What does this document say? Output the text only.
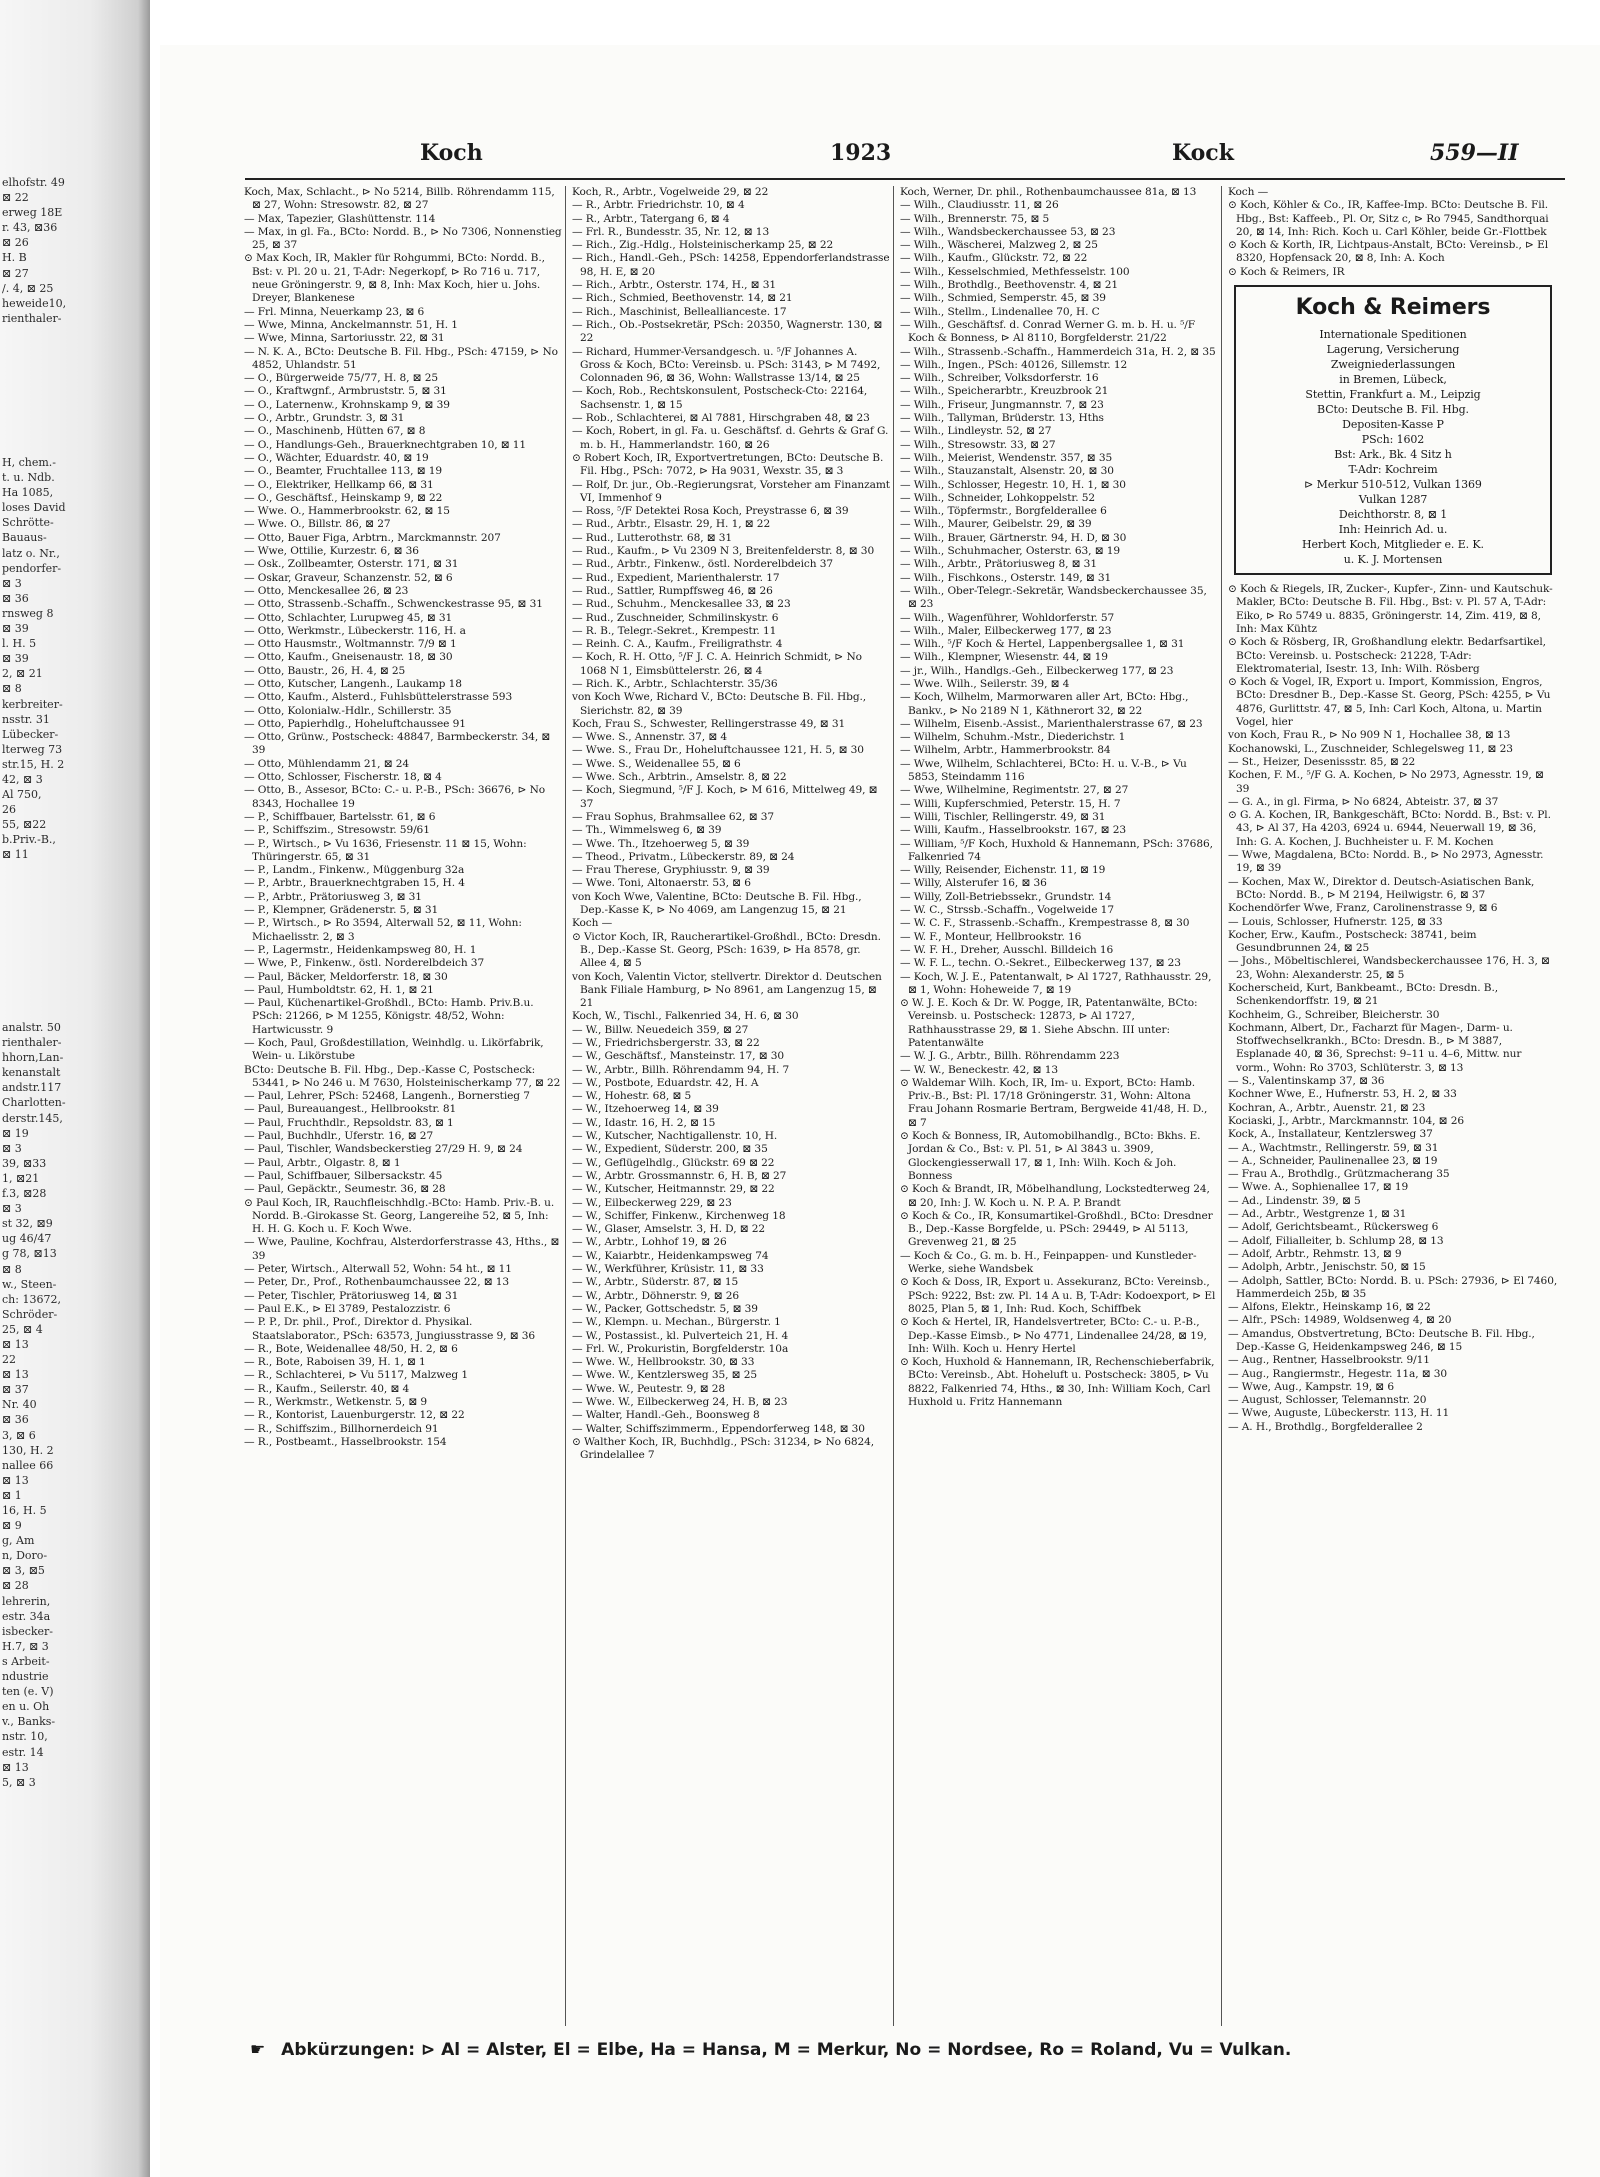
elhofstr. 49
⊠ 22
erweg 18E
r. 43, ⊠36
⊠ 26
H. B
⊠ 27
/. 4, ⊠ 25
heweide10,
rienthaler-
H, chem.-
t. u. Ndb.
Ha 1085,
loses David
Schrötte-
Bauaus-
latz o. Nr.,
pendorfer-
⊠ 3
⊠ 36
rnsweg 8
⊠ 39
l. H. 5
⊠ 39
2, ⊠ 21
⊠ 8
kerbreiter-
nsstr. 31
Lübecker-
lterweg 73
str.15, H. 2
42, ⊠ 3
Al 750,
26
55, ⊠22
b.Priv.-B.,
⊠ 11
analstr. 50
rienthaler-
hhorn,Lan-
kenanstalt
andstr.117
Charlotten-
derstr.145,
⊠ 19
⊠ 3
39, ⊠33
1, ⊠21
f.3, ⊠28
⊠ 3
st 32, ⊠9
ug 46/47
g 78, ⊠13
⊠ 8
w., Steen-
ch: 13672,
Schröder-
25, ⊠ 4
⊠ 13
22
⊠ 13
⊠ 37
Nr. 40
⊠ 36
3, ⊠ 6
130, H. 2
nallee 66
⊠ 13
⊠ 1
16, H. 5
⊠ 9
g, Am
n, Doro-
⊠ 3, ⊠5
⊠ 28
lehrerin,
estr. 34a
isbecker-
H.7, ⊠ 3
s Arbeit-
ndustrie
ten (e. V)
en u. Oh
v., Banks-
nstr. 10,
estr. 14
⊠ 13
5, ⊠ 3
Koch	1923	Kock	559—II
Koch, Max, Schlacht., ⊳ No 5214, Billb. Röhrendamm 115, ⊠ 27, Wohn: Stresowstr. 82, ⊠ 27
— Max, Tapezier, Glashüttenstr. 114
— Max, in gl. Fa., BCto: Nordd. B., ⊳ No 7306, Nonnenstieg 25, ⊠ 37
⊙ Max Koch, IR, Makler für Rohgummi, BCto: Nordd. B., Bst: v. Pl. 20 u. 21, T-Adr: Negerkopf, ⊳ Ro 716 u. 717, neue Gröningerstr. 9, ⊠ 8, Inh: Max Koch, hier u. Johs. Dreyer, Blankenese
— Frl. Minna, Neuerkamp 23, ⊠ 6
— Wwe, Minna, Anckelmannstr. 51, H. 1
— Wwe, Minna, Sartoriusstr. 22, ⊠ 31
— N. K. A., BCto: Deutsche B. Fil. Hbg., PSch: 47159, ⊳ No 4852, Uhlandstr. 51
— O., Bürgerweide 75/77, H. 8, ⊠ 25
— O., Kraftwgnf., Armbruststr. 5, ⊠ 31
— O., Laternenw., Krohnskamp 9, ⊠ 39
— O., Arbtr., Grundstr. 3, ⊠ 31
— O., Maschinenb, Hütten 67, ⊠ 8
— O., Handlungs-Geh., Brauerknechtgraben 10, ⊠ 11
— O., Wächter, Eduardstr. 40, ⊠ 19
— O., Beamter, Fruchtallee 113, ⊠ 19
— O., Elektriker, Hellkamp 66, ⊠ 31
— O., Geschäftsf., Heinskamp 9, ⊠ 22
— Wwe. O., Hammerbrookstr. 62, ⊠ 15
— Wwe. O., Billstr. 86, ⊠ 27
— Otto, Bauer Figa, Arbtrn., Marckmannstr. 207
— Wwe, Ottilie, Kurzestr. 6, ⊠ 36
— Osk., Zollbeamter, Osterstr. 171, ⊠ 31
— Oskar, Graveur, Schanzenstr. 52, ⊠ 6
— Otto, Menckesallee 26, ⊠ 23
— Otto, Strassenb.-Schaffn., Schwenckestrasse 95, ⊠ 31
— Otto, Schlachter, Lurupweg 45, ⊠ 31
— Otto, Werkmstr., Lübeckerstr. 116, H. a
— Otto Hausmstr., Woltmannstr. 7/9 ⊠ 1
— Otto, Kaufm., Gneisenaustr. 18, ⊠ 30
— Otto, Baustr., 26, H. 4, ⊠ 25
— Otto, Kutscher, Langenh., Laukamp 18
— Otto, Kaufm., Alsterd., Fuhlsbüttelerstrasse 593
— Otto, Kolonialw.-Hdlr., Schillerstr. 35
— Otto, Papierhdlg., Hoheluftchaussee 91
— Otto, Grünw., Postscheck: 48847, Barmbeckerstr. 34, ⊠ 39
— Otto, Mühlendamm 21, ⊠ 24
— Otto, Schlosser, Fischerstr. 18, ⊠ 4
— Otto, B., Assesor, BCto: C.- u. P.-B., PSch: 36676, ⊳ No 8343, Hochallee 19
— P., Schiffbauer, Bartelsstr. 61, ⊠ 6
— P., Schiffszim., Stresowstr. 59/61
— P., Wirtsch., ⊳ Vu 1636, Friesenstr. 11 ⊠ 15, Wohn: Thüringerstr. 65, ⊠ 31
— P., Landm., Finkenw., Müggenburg 32a
— P., Arbtr., Brauerknechtgraben 15, H. 4
— P., Arbtr., Prätoriusweg 3, ⊠ 31
— P., Klempner, Grädenerstr. 5, ⊠ 31
— P., Wirtsch., ⊳ Ro 3594, Alterwall 52, ⊠ 11, Wohn: Michaelisstr. 2, ⊠ 3
— P., Lagermstr., Heidenkampsweg 80, H. 1
— Wwe, P., Finkenw., östl. Norderelbdeich 37
— Paul, Bäcker, Meldorferstr. 18, ⊠ 30
— Paul, Humboldtstr. 62, H. 1, ⊠ 21
— Paul, Küchenartikel-Großhdl., BCto: Hamb. Priv.B.u. PSch: 21266, ⊳ M 1255, Königstr. 48/52, Wohn: Hartwicusstr. 9
— Koch, Paul, Großdestillation, Weinhdlg. u. Likörfabrik, Wein- u. Likörstube
BCto: Deutsche B. Fil. Hbg., Dep.-Kasse C, Postscheck: 53441, ⊳ No 246 u. M 7630, Holsteinischerkamp 77, ⊠ 22
— Paul, Lehrer, PSch: 52468, Langenh., Bornerstieg 7
— Paul, Bureauangest., Hellbrookstr. 81
— Paul, Fruchthdlr., Repsoldstr. 83, ⊠ 1
— Paul, Buchhdlr., Uferstr. 16, ⊠ 27
— Paul, Tischler, Wandsbeckerstieg 27/29 H. 9, ⊠ 24
— Paul, Arbtr., Olgastr. 8, ⊠ 1
— Paul, Schiffbauer, Silbersackstr. 45
— Paul, Gepäcktr., Seumestr. 36, ⊠ 28
⊙ Paul Koch, IR, Rauchfleischhdlg.-BCto: Hamb. Priv.-B. u. Nordd. B.-Girokasse St. Georg, Langereihe 52, ⊠ 5, Inh: H. H. G. Koch u. F. Koch Wwe.
— Wwe, Pauline, Kochfrau, Alsterdorferstrasse 43, Hths., ⊠ 39
— Peter, Wirtsch., Alterwall 52, Wohn: 54 ht., ⊠ 11
— Peter, Dr., Prof., Rothenbaumchaussee 22, ⊠ 13
— Peter, Tischler, Prätoriusweg 14, ⊠ 31
— Paul E.K., ⊳ El 3789, Pestalozzistr. 6
— P. P., Dr. phil., Prof., Direktor d. Physikal. Staatslaborator., PSch: 63573, Jungiusstrasse 9, ⊠ 36
— R., Bote, Weidenallee 48/50, H. 2, ⊠ 6
— R., Bote, Raboisen 39, H. 1, ⊠ 1
— R., Schlachterei, ⊳ Vu 5117, Malzweg 1
— R., Kaufm., Seilerstr. 40, ⊠ 4
— R., Werkmstr., Wetkenstr. 5, ⊠ 9
— R., Kontorist, Lauenburgerstr. 12, ⊠ 22
— R., Schiffszim., Billhornerdeich 91
— R., Postbeamt., Hasselbrookstr. 154
Koch, R., Arbtr., Vogelweide 29, ⊠ 22
— R., Arbtr. Friedrichstr. 10, ⊠ 4
— R., Arbtr., Tatergang 6, ⊠ 4
— Frl. R., Bundesstr. 35, Nr. 12, ⊠ 13
— Rich., Zig.-Hdlg., Holsteinischerkamp 25, ⊠ 22
— Rich., Handl.-Geh., PSch: 14258, Eppendorferlandstrasse 98, H. E, ⊠ 20
— Rich., Arbtr., Osterstr. 174, H., ⊠ 31
— Rich., Schmied, Beethovenstr. 14, ⊠ 21
— Rich., Maschinist, Belleallianceste. 17
— Rich., Ob.-Postsekretär, PSch: 20350, Wagnerstr. 130, ⊠ 22
— Richard, Hummer-Versandgesch. u. ⁵/F Johannes A. Gross & Koch, BCto: Vereinsb. u. PSch: 3143, ⊳ M 7492, Colonnaden 96, ⊠ 36, Wohn: Wallstrasse 13/14, ⊠ 25
— Koch, Rob., Rechtskonsulent, Postscheck-Cto: 22164, Sachsenstr. 1, ⊠ 15
— Rob., Schlachterei, ⊠ Al 7881, Hirschgraben 48, ⊠ 23
— Koch, Robert, in gl. Fa. u. Geschäftsf. d. Gehrts & Graf G. m. b. H., Hammerlandstr. 160, ⊠ 26
⊙ Robert Koch, IR, Exportvertretungen, BCto: Deutsche B. Fil. Hbg., PSch: 7072, ⊳ Ha 9031, Wexstr. 35, ⊠ 3
— Rolf, Dr. jur., Ob.-Regierungsrat, Vorsteher am Finanzamt VI, Immenhof 9
— Ross, ⁵/F Detektei Rosa Koch, Preystrasse 6, ⊠ 39
— Rud., Arbtr., Elsastr. 29, H. 1, ⊠ 22
— Rud., Lutterothstr. 68, ⊠ 31
— Rud., Kaufm., ⊳ Vu 2309 N 3, Breitenfelderstr. 8, ⊠ 30
— Rud., Arbtr., Finkenw., östl. Norderelbdeich 37
— Rud., Expedient, Marienthalerstr. 17
— Rud., Sattler, Rumpffsweg 46, ⊠ 26
— Rud., Schuhm., Menckesallee 33, ⊠ 23
— Rud., Zuschneider, Schmilinskystr. 6
— R. B., Telegr.-Sekret., Krempestr. 11
— Reinh. C. A., Kaufm., Freiligrathstr. 4
— Koch, R. H. Otto, ⁵/F J. C. A. Heinrich Schmidt, ⊳ No 1068 N 1, Eimsbüttelerstr. 26, ⊠ 4
— Rich. K., Arbtr., Schlachterstr. 35/36
von Koch Wwe, Richard V., BCto: Deutsche B. Fil. Hbg., Sierichstr. 82, ⊠ 39
Koch, Frau S., Schwester, Rellingerstrasse 49, ⊠ 31
— Wwe. S., Annenstr. 37, ⊠ 4
— Wwe. S., Frau Dr., Hoheluftchaussee 121, H. 5, ⊠ 30
— Wwe. S., Weidenallee 55, ⊠ 6
— Wwe. Sch., Arbtrin., Amselstr. 8, ⊠ 22
— Koch, Siegmund, ⁵/F J. Koch, ⊳ M 616, Mittelweg 49, ⊠ 37
— Frau Sophus, Brahmsallee 62, ⊠ 37
— Th., Wimmelsweg 6, ⊠ 39
— Wwe. Th., Itzehoerweg 5, ⊠ 39
— Theod., Privatm., Lübeckerstr. 89, ⊠ 24
— Frau Therese, Gryphiusstr. 9, ⊠ 39
— Wwe. Toni, Altonaerstr. 53, ⊠ 6
von Koch Wwe, Valentine, BCto: Deutsche B. Fil. Hbg., Dep.-Kasse K, ⊳ No 4069, am Langenzug 15, ⊠ 21
Koch —
⊙ Victor Koch, IR, Raucherartikel-Großhdl., BCto: Dresdn. B., Dep.-Kasse St. Georg, PSch: 1639, ⊳ Ha 8578, gr. Allee 4, ⊠ 5
von Koch, Valentin Victor, stellvertr. Direktor d. Deutschen Bank Filiale Hamburg, ⊳ No 8961, am Langenzug 15, ⊠ 21
Koch, W., Tischl., Falkenried 34, H. 6, ⊠ 30
— W., Billw. Neuedeich 359, ⊠ 27
— W., Friedrichsbergerstr. 33, ⊠ 22
— W., Geschäftsf., Mansteinstr. 17, ⊠ 30
— W., Arbtr., Billh. Röhrendamm 94, H. 7
— W., Postbote, Eduardstr. 42, H. A
— W., Hohestr. 68, ⊠ 5
— W., Itzehoerweg 14, ⊠ 39
— W., Idastr. 16, H. 2, ⊠ 15
— W., Kutscher, Nachtigallenstr. 10, H.
— W., Expedient, Süderstr. 200, ⊠ 35
— W., Geflügelhdlg., Glückstr. 69 ⊠ 22
— W., Arbtr. Grossmannstr. 6, H. B, ⊠ 27
— W., Kutscher, Heitmannstr. 29, ⊠ 22
— W., Eilbeckerweg 229, ⊠ 23
— W., Schiffer, Finkenw., Kirchenweg 18
— W., Glaser, Amselstr. 3, H. D, ⊠ 22
— W., Arbtr., Lohhof 19, ⊠ 26
— W., Kaiarbtr., Heidenkampsweg 74
— W., Werkführer, Krüsistr. 11, ⊠ 33
— W., Arbtr., Süderstr. 87, ⊠ 15
— W., Arbtr., Döhnerstr. 9, ⊠ 26
— W., Packer, Gottschedstr. 5, ⊠ 39
— W., Klempn. u. Mechan., Bürgerstr. 1
— W., Postassist., kl. Pulverteich 21, H. 4
— Frl. W., Prokuristin, Borgfelderstr. 10a
— Wwe. W., Hellbrookstr. 30, ⊠ 33
— Wwe. W., Kentzlersweg 35, ⊠ 25
— Wwe. W., Peutestr. 9, ⊠ 28
— Wwe. W., Eilbeckerweg 24, H. B, ⊠ 23
— Walter, Handl.-Geh., Boonsweg 8
— Walter, Schiffszimmerm., Eppendorferweg 148, ⊠ 30
⊙ Walther Koch, IR, Buchhdlg., PSch: 31234, ⊳ No 6824, Grindelallee 7
Koch, Werner, Dr. phil., Rothenbaumchaussee 81a, ⊠ 13
— Wilh., Claudiusstr. 11, ⊠ 26
— Wilh., Brennerstr. 75, ⊠ 5
— Wilh., Wandsbeckerchaussee 53, ⊠ 23
— Wilh., Wäscherei, Malzweg 2, ⊠ 25
— Wilh., Kaufm., Glückstr. 72, ⊠ 22
— Wilh., Kesselschmied, Methfesselstr. 100
— Wilh., Brothdlg., Beethovenstr. 4, ⊠ 21
— Wilh., Schmied, Semperstr. 45, ⊠ 39
— Wilh., Stellm., Lindenallee 70, H. C
— Wilh., Geschäftsf. d. Conrad Werner G. m. b. H. u. ⁵/F Koch & Bonness, ⊳ Al 8110, Borgfelderstr. 21/22
— Wilh., Strassenb.-Schaffn., Hammerdeich 31a, H. 2, ⊠ 35
— Wilh., Ingen., PSch: 40126, Sillemstr. 12
— Wilh., Schreiber, Volksdorferstr. 16
— Wilh., Speicherarbtr., Kreuzbrook 21
— Wilh., Friseur, Jungmannstr. 7, ⊠ 23
— Wilh., Tallyman, Brüderstr. 13, Hths
— Wilh., Lindleystr. 52, ⊠ 27
— Wilh., Stresowstr. 33, ⊠ 27
— Wilh., Meierist, Wendenstr. 357, ⊠ 35
— Wilh., Stauzanstalt, Alsenstr. 20, ⊠ 30
— Wilh., Schlosser, Hegestr. 10, H. 1, ⊠ 30
— Wilh., Schneider, Lohkoppelstr. 52
— Wilh., Töpfermstr., Borgfelderallee 6
— Wilh., Maurer, Geibelstr. 29, ⊠ 39
— Wilh., Brauer, Gärtnerstr. 94, H. D, ⊠ 30
— Wilh., Schuhmacher, Osterstr. 63, ⊠ 19
— Wilh., Arbtr., Prätoriusweg 8, ⊠ 31
— Wilh., Fischkons., Osterstr. 149, ⊠ 31
— Wilh., Ober-Telegr.-Sekretär, Wandsbeckerchaussee 35, ⊠ 23
— Wilh., Wagenführer, Wohldorferstr. 57
— Wilh., Maler, Eilbeckerweg 177, ⊠ 23
— Wilh., ⁵/F Koch & Hertel, Lappenbergsallee 1, ⊠ 31
— Wilh., Klempner, Wiesenstr. 44, ⊠ 19
— jr., Wilh., Handlgs.-Geh., Eilbeckerweg 177, ⊠ 23
— Wwe. Wilh., Seilerstr. 39, ⊠ 4
— Koch, Wilhelm, Marmorwaren aller Art, BCto: Hbg., Bankv., ⊳ No 2189 N 1, Käthnerort 32, ⊠ 22
— Wilhelm, Eisenb.-Assist., Marienthalerstrasse 67, ⊠ 23
— Wilhelm, Schuhm.-Mstr., Diederichstr. 1
— Wilhelm, Arbtr., Hammerbrookstr. 84
— Wwe, Wilhelm, Schlachterei, BCto: H. u. V.-B., ⊳ Vu 5853, Steindamm 116
— Wwe, Wilhelmine, Regimentstr. 27, ⊠ 27
— Willi, Kupferschmied, Peterstr. 15, H. 7
— Willi, Tischler, Rellingerstr. 49, ⊠ 31
— Willi, Kaufm., Hasselbrookstr. 167, ⊠ 23
— William, ⁵/F Koch, Huxhold & Hannemann, PSch: 37686, Falkenried 74
— Willy, Reisender, Eichenstr. 11, ⊠ 19
— Willy, Alsterufer 16, ⊠ 36
— Willy, Zoll-Betriebssekr., Grundstr. 14
— W. C., Strssb.-Schaffn., Vogelweide 17
— W. C. F., Strassenb.-Schaffn., Krempestrasse 8, ⊠ 30
— W. F., Monteur, Hellbrookstr. 16
— W. F. H., Dreher, Ausschl. Billdeich 16
— W. F. L., techn. O.-Sekret., Eilbeckerweg 137, ⊠ 23
— Koch, W. J. E., Patentanwalt, ⊳ Al 1727, Rathhausstr. 29, ⊠ 1, Wohn: Hoheweide 7, ⊠ 19
⊙ W. J. E. Koch & Dr. W. Pogge, IR, Patentanwälte, BCto: Vereinsb. u. Postscheck: 12873, ⊳ Al 1727, Rathhausstrasse 29, ⊠ 1. Siehe Abschn. III unter: Patentanwälte
— W. J. G., Arbtr., Billh. Röhrendamm 223
— W. W., Beneckestr. 42, ⊠ 13
⊙ Waldemar Wilh. Koch, IR, Im- u. Export, BCto: Hamb. Priv.-B., Bst: Pl. 17/18 Gröningerstr. 31, Wohn: Altona Frau Johann Rosmarie Bertram, Bergweide 41/48, H. D., ⊠ 7
⊙ Koch & Bonness, IR, Automobilhandlg., BCto: Bkhs. E. Jordan & Co., Bst: v. Pl. 51, ⊳ Al 3843 u. 3909, Glockengiesserwall 17, ⊠ 1, Inh: Wilh. Koch & Joh. Bonness
⊙ Koch & Brandt, IR, Möbelhandlung, Lockstedterweg 24, ⊠ 20, Inh: J. W. Koch u. N. P. A. P. Brandt
⊙ Koch & Co., IR, Konsumartikel-Großhdl., BCto: Dresdner B., Dep.-Kasse Borgfelde, u. PSch: 29449, ⊳ Al 5113, Grevenweg 21, ⊠ 25
— Koch & Co., G. m. b. H., Feinpappen- und Kunstleder-Werke, siehe Wandsbek
⊙ Koch & Doss, IR, Export u. Assekuranz, BCto: Vereinsb., PSch: 9222, Bst: zw. Pl. 14 A u. B, T-Adr: Kodoexport, ⊳ El 8025, Plan 5, ⊠ 1, Inh: Rud. Koch, Schiffbek
⊙ Koch & Hertel, IR, Handelsvertreter, BCto: C.- u. P.-B., Dep.-Kasse Eimsb., ⊳ No 4771, Lindenallee 24/28, ⊠ 19, Inh: Wilh. Koch u. Henry Hertel
⊙ Koch, Huxhold & Hannemann, IR, Rechenschieberfabrik, BCto: Vereinsb., Abt. Hoheluft u. Postscheck: 3805, ⊳ Vu 8822, Falkenried 74, Hths., ⊠ 30, Inh: William Koch, Carl Huxhold u. Fritz Hannemann
Koch —
⊙ Koch, Köhler & Co., IR, Kaffee-Imp. BCto: Deutsche B. Fil. Hbg., Bst: Kaffeeb., Pl. Or, Sitz c, ⊳ Ro 7945, Sandthorquai 20, ⊠ 14, Inh: Rich. Koch u. Carl Köhler, beide Gr.-Flottbek
⊙ Koch & Korth, IR, Lichtpaus-Anstalt, BCto: Vereinsb., ⊳ El 8320, Hopfensack 20, ⊠ 8, Inh: A. Koch
⊙ Koch & Reimers, IR
Koch & Reimers
Internationale Speditionen
Lagerung, Versicherung
Zweigniederlassungen
in Bremen, Lübeck,
Stettin, Frankfurt a. M., Leipzig
BCto: Deutsche B. Fil. Hbg.
Depositen-Kasse P
PSch: 1602
Bst: Ark., Bk. 4 Sitz h
T-Adr: Kochreim
⊳ Merkur 510-512, Vulkan 1369
Vulkan 1287
Deichthorstr. 8, ⊠ 1
Inh: Heinrich Ad. u.
Herbert Koch, Mitglieder e. E. K.
u. K. J. Mortensen
⊙ Koch & Riegels, IR, Zucker-, Kupfer-, Zinn- und Kautschuk-Makler, BCto: Deutsche B. Fil. Hbg., Bst: v. Pl. 57 A, T-Adr: Eiko, ⊳ Ro 5749 u. 8835, Gröningerstr. 14, Zim. 419, ⊠ 8, Inh: Max Kühtz
⊙ Koch & Rösberg, IR, Großhandlung elektr. Bedarfsartikel, BCto: Vereinsb. u. Postscheck: 21228, T-Adr: Elektromaterial, Isestr. 13, Inh: Wilh. Rösberg
⊙ Koch & Vogel, IR, Export u. Import, Kommission, Engros, BCto: Dresdner B., Dep.-Kasse St. Georg, PSch: 4255, ⊳ Vu 4876, Gurlittstr. 47, ⊠ 5, Inh: Carl Koch, Altona, u. Martin Vogel, hier
von Koch, Frau R., ⊳ No 909 N 1, Hochallee 38, ⊠ 13
Kochanowski, L., Zuschneider, Schlegelsweg 11, ⊠ 23
— St., Heizer, Desenissstr. 85, ⊠ 22
Kochen, F. M., ⁵/F G. A. Kochen, ⊳ No 2973, Agnesstr. 19, ⊠ 39
— G. A., in gl. Firma, ⊳ No 6824, Abteistr. 37, ⊠ 37
⊙ G. A. Kochen, IR, Bankgeschäft, BCto: Nordd. B., Bst: v. Pl. 43, ⊳ Al 37, Ha 4203, 6924 u. 6944, Neuerwall 19, ⊠ 36, Inh: G. A. Kochen, J. Buchheister u. F. M. Kochen
— Wwe, Magdalena, BCto: Nordd. B., ⊳ No 2973, Agnesstr. 19, ⊠ 39
— Kochen, Max W., Direktor d. Deutsch-Asiatischen Bank, BCto: Nordd. B., ⊳ M 2194, Heilwigstr. 6, ⊠ 37
Kochendörfer Wwe, Franz, Carolinenstrasse 9, ⊠ 6
— Louis, Schlosser, Hufnerstr. 125, ⊠ 33
Kocher, Erw., Kaufm., Postscheck: 38741, beim Gesundbrunnen 24, ⊠ 25
— Johs., Möbeltischlerei, Wandsbeckerchaussee 176, H. 3, ⊠ 23, Wohn: Alexanderstr. 25, ⊠ 5
Kocherscheid, Kurt, Bankbeamt., BCto: Dresdn. B., Schenkendorffstr. 19, ⊠ 21
Kochheim, G., Schreiber, Bleicherstr. 30
Kochmann, Albert, Dr., Facharzt für Magen-, Darm- u. Stoffwechselkrankh., BCto: Dresdn. B., ⊳ M 3887, Esplanade 40, ⊠ 36, Sprechst: 9–11 u. 4–6, Mittw. nur vorm., Wohn: Ro 3703, Schlüterstr. 3, ⊠ 13
— S., Valentinskamp 37, ⊠ 36
Kochner Wwe, E., Hufnerstr. 53, H. 2, ⊠ 33
Kochran, A., Arbtr., Auenstr. 21, ⊠ 23
Kociaski, J., Arbtr., Marckmannstr. 104, ⊠ 26
Kock, A., Installateur, Kentzlersweg 37
— A., Wachtmstr., Rellingerstr. 59, ⊠ 31
— A., Schneider, Paulinenallee 23, ⊠ 19
— Frau A., Brothdlg., Grützmacherang 35
— Wwe. A., Sophienallee 17, ⊠ 19
— Ad., Lindenstr. 39, ⊠ 5
— Ad., Arbtr., Westgrenze 1, ⊠ 31
— Adolf, Gerichtsbeamt., Rückersweg 6
— Adolf, Filialleiter, b. Schlump 28, ⊠ 13
— Adolf, Arbtr., Rehmstr. 13, ⊠ 9
— Adolph, Arbtr., Jenischstr. 50, ⊠ 15
— Adolph, Sattler, BCto: Nordd. B. u. PSch: 27936, ⊳ El 7460, Hammerdeich 25b, ⊠ 35
— Alfons, Elektr., Heinskamp 16, ⊠ 22
— Alfr., PSch: 14989, Woldsenweg 4, ⊠ 20
— Amandus, Obstvertretung, BCto: Deutsche B. Fil. Hbg., Dep.-Kasse G, Heidenkampsweg 246, ⊠ 15
— Aug., Rentner, Hasselbrookstr. 9/11
— Aug., Rangiermstr., Hegestr. 11a, ⊠ 30
— Wwe, Aug., Kampstr. 19, ⊠ 6
— August, Schlosser, Telemannstr. 20
— Wwe, Auguste, Lübeckerstr. 113, H. 11
— A. H., Brothdlg., Borgfelderallee 2
☛ Abkürzungen: ⊳ Al = Alster, El = Elbe, Ha = Hansa, M = Merkur, No = Nordsee, Ro = Roland, Vu = Vulkan.
